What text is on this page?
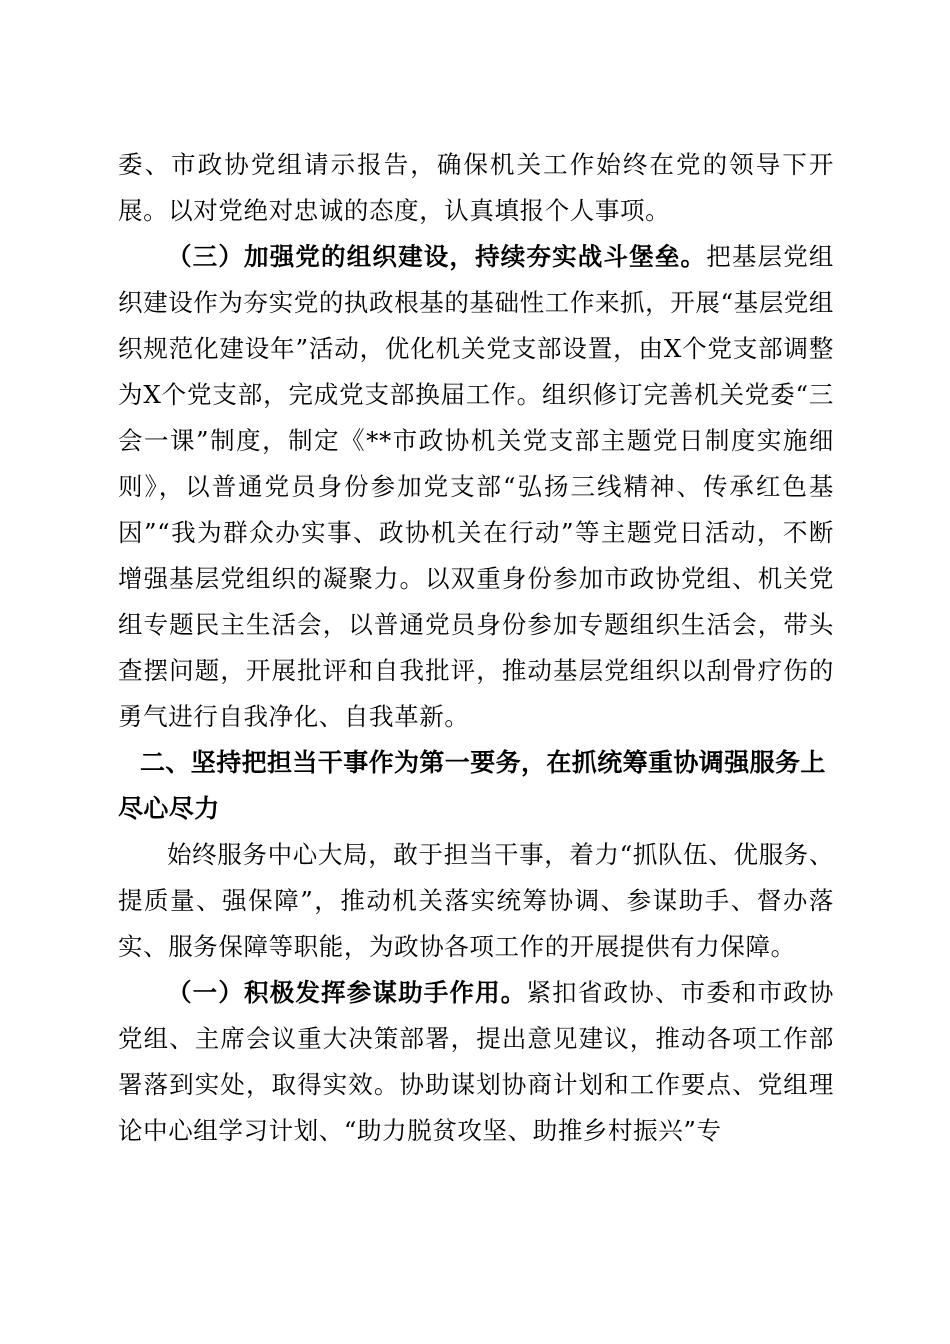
委、市政协党组请示报告，确保机关工作始终在党的领导下开展。以对党绝对忠诚的态度，认真填报个人事项。

（三）加强党的组织建设，持续夯实战斗堡垒。把基层党组织建设作为夯实党的执政根基的基础性工作来抓，开展“基层党组织规范化建设年”活动，优化机关党支部设置，由X个党支部调整为X个党支部，完成党支部换届工作。组织修订完善机关党委“三会一课”制度，制定《**市政协机关党支部主题党日制度实施细则》，以普通党员身份参加党支部“弘扬三线精神、传承红色基因”“我为群众办实事、政协机关在行动”等主题党日活动，不断增强基层党组织的凝聚力。以双重身份参加市政协党组、机关党组专题民主生活会，以普通党员身份参加专题组织生活会，带头查摆问题，开展批评和自我批评，推动基层党组织以刮骨疗伤的勇气进行自我净化、自我革新。

二、坚持把担当干事作为第一要务，在抓统筹重协调强服务上尽心尽力

始终服务中心大局，敢于担当干事，着力“抓队伍、优服务、提质量、强保障”，推动机关落实统筹协调、参谋助手、督办落实、服务保障等职能，为政协各项工作的开展提供有力保障。

（一）积极发挥参谋助手作用。紧扣省政协、市委和市政协党组、主席会议重大决策部署，提出意见建议，推动各项工作部署落到实处，取得实效。协助谋划协商计划和工作要点、党组理论中心组学习计划、“助力脱贫攻坚、助推乡村振兴”专
